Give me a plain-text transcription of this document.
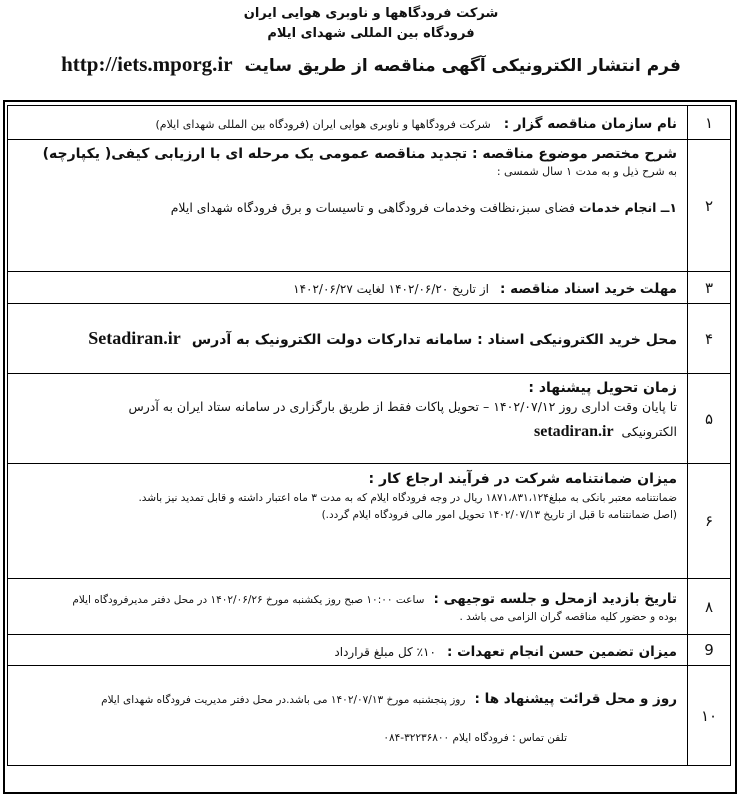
شرکت فرودگاهها و ناوبری هوایی ایران
فرودگاه بین المللی شهدای ایلام
فرم انتشار الکترونیکی آگهی مناقصه از طریق سایت http://iets.mporg.ir
۱	نام سازمان مناقصه گزار : شرکت فرودگاهها و ناوبری هوایی ایران (فرودگاه بین المللی شهدای ایلام)
۲	شرح مختصر موضوع مناقصه : تجدید مناقصه عمومی یک مرحله ای با ارزیابی کیفی( یکپارچه)
به شرح ذیل و به مدت ۱ سال شمسی :
۱ــ انجام خدمات فضای سبز،نظافت وخدمات فرودگاهی و تاسیسات و برق فرودگاه شهدای ایلام

۳	مهلت خرید اسناد مناقصه : از تاریخ ۱۴۰۲/۰۶/۲۰ لغایت ۱۴۰۲/۰۶/۲۷
۴	محل خرید الکترونیکی اسناد : سامانه تدارکات دولت الکترونیک به آدرس Setadiran.ir
۵	زمان تحویل پیشنهاد :
تا پایان وقت اداری روز ۱۴۰۲/۰۷/۱۲ – تحویل پاکات فقط از طریق بارگزاری در سامانه ستاد ایران به آدرس
الکترونیکی setadiran.ir

۶	میزان ضمانتنامه شرکت در فرآیند ارجاع کار :
ضمانتنامه معتبر بانکی به مبلغ۱۸۷۱،۸۳۱،۱۲۴ ریال در وجه فرودگاه ایلام که به مدت ۳ ماه اعتبار داشته و قابل تمدید نیز باشد.
(اصل ضمانتنامه تا قبل از تاریخ ۱۴۰۲/۰۷/۱۳ تحویل امور مالی فرودگاه ایلام گردد.)

۸	تاریخ بازدید ازمحل و جلسه توجیهی : ساعت ۱۰:۰۰ صبح روز یکشنبه مورخ ۱۴۰۲/۰۶/۲۶ در محل دفتر مدیرفرودگاه ایلام
بوده و حضور کلیه مناقصه گران الزامی می باشد .

9	میزان تضمین حسن انجام تعهدات : ۱۰٪ کل مبلغ قرارداد
۱۰	روز و محل قرائت پیشنهاد ها : روز پنجشنبه مورخ ۱۴۰۲/۰۷/۱۳ می باشد.در محل دفتر مدیریت فرودگاه شهدای ایلام
تلفن تماس : فرودگاه ایلام ۳۲۲۳۶۸۰۰-۰۸۴
